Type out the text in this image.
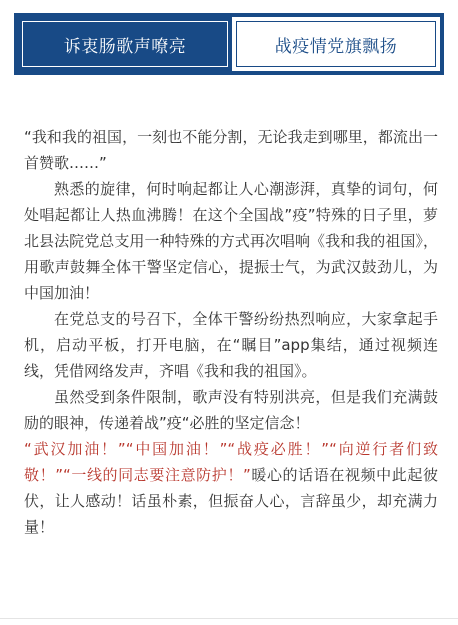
诉衷肠歌声嘹亮	战疫情党旗飘扬

“我和我的祖国，一刻也不能分割，无论我走到哪里，都流出一首赞歌……”

熟悉的旋律，何时响起都让人心潮澎湃，真挚的词句，何处唱起都让人热血沸腾！在这个全国战”疫”特殊的日子里，萝北县法院党总支用一种特殊的方式再次唱响《我和我的祖国》，用歌声鼓舞全体干警坚定信心，提振士气，为武汉鼓劲儿，为中国加油！

在党总支的号召下，全体干警纷纷热烈响应，大家拿起手机，启动平板，打开电脑，在“瞩目”app集结，通过视频连线，凭借网络发声，齐唱《我和我的祖国》。

虽然受到条件限制，歌声没有特别洪亮，但是我们充满鼓励的眼神，传递着战”疫“必胜的坚定信念！

“武汉加油！”“中国加油！”“战疫必胜！”“向逆行者们致敬！”“一线的同志要注意防护！”暖心的话语在视频中此起彼伏，让人感动！话虽朴素，但振奋人心，言辞虽少，却充满力量！
